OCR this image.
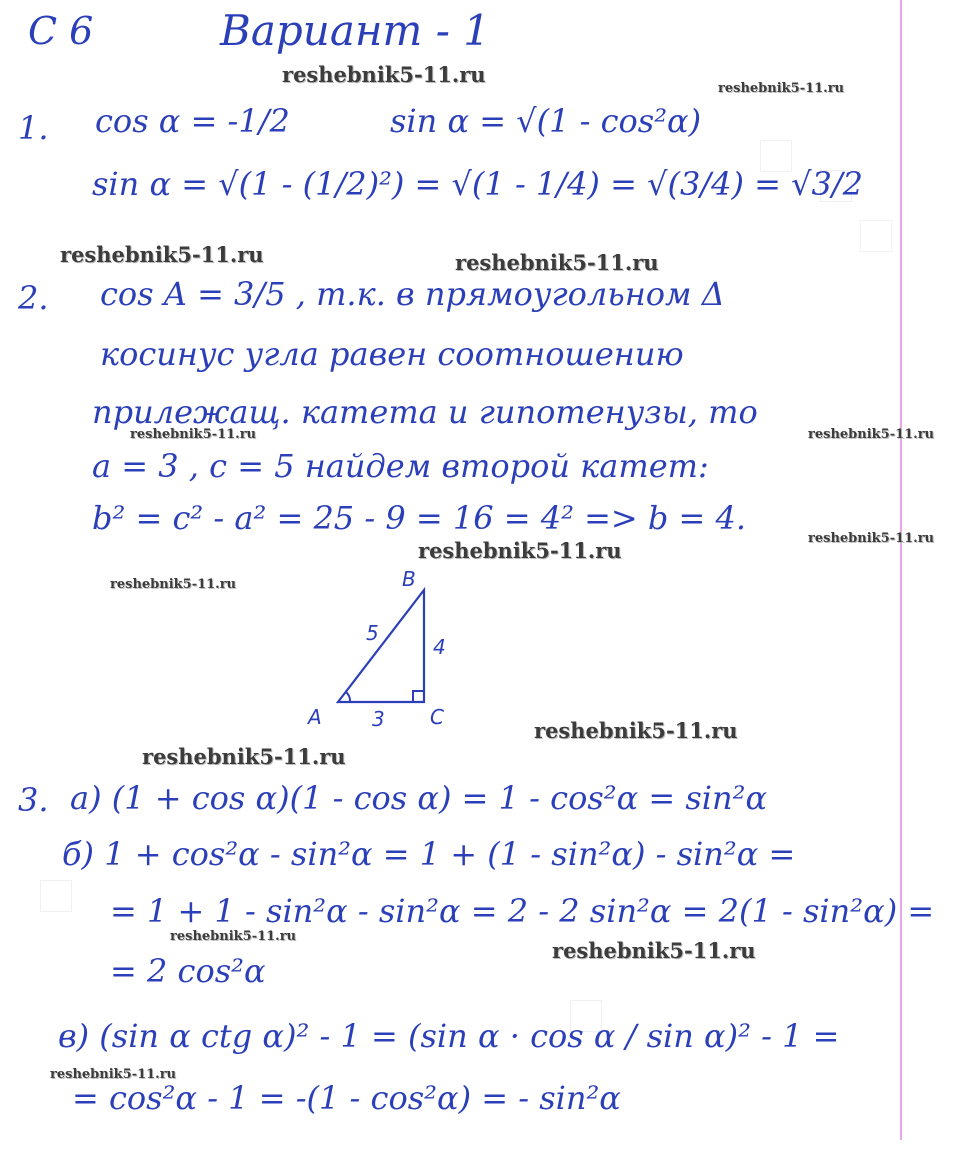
C 6	Вариант - 1
1. cos α = -1/2	sin α = √(1 - cos²α)
sin α = √(1 - (1/2)²) = √(1 - 1/4) = √(3/4) = √3/2
2. cos A = 3/5 , т.к. в прямоугольном Δ
косинус угла равен соотношению
прилежащ. катета и гипотенузы, то
a = 3 , c = 5 найдем второй катет:
b² = c² - a² = 25 - 9 = 16 = 4² => b = 4.
A
B
C
5
4
3
3. a) (1 + cos α)(1 - cos α) = 1 - cos²α = sin²α
б) 1 + cos²α - sin²α = 1 + (1 - sin²α) - sin²α =
= 1 + 1 - sin²α - sin²α = 2 - 2 sin²α = 2(1 - sin²α) =
= 2 cos²α
в) (sin α ctg α)² - 1 = (sin α · cos α / sin α)² - 1 =
= cos²α - 1 = -(1 - cos²α) = - sin²α
reshebnik5-11.ru
reshebnik5-11.ru
reshebnik5-11.ru	reshebnik5-11.ru
reshebnik5-11.ru	reshebnik5-11.ru
reshebnik5-11.ru	reshebnik5-11.ru
reshebnik5-11.ru
reshebnik5-11.ru
reshebnik5-11.ru
reshebnik5-11.ru
reshebnik5-11.ru
reshebnik5-11.ru
